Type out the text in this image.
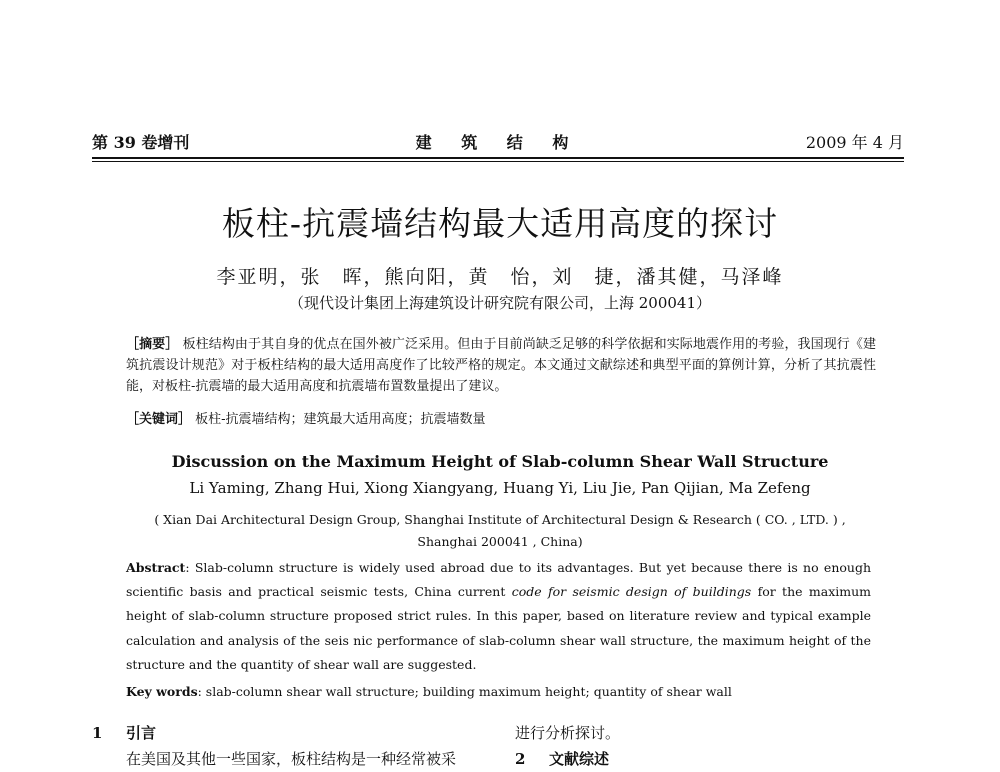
第 39 卷增刊	建 筑 结 构	2009 年 4 月
板柱-抗震墙结构最大适用高度的探讨
李亚明，张　晖，熊向阳，黄　怡，刘　捷，潘其健，马泽峰
（现代设计集团上海建筑设计研究院有限公司，上海 200041）
［摘要］ 板柱结构由于其自身的优点在国外被广泛采用。但由于目前尚缺乏足够的科学依据和实际地震作用的考验，我国现行《建筑抗震设计规范》对于板柱结构的最大适用高度作了比较严格的规定。本文通过文献综述和典型平面的算例计算，分析了其抗震性能，对板柱-抗震墙的最大适用高度和抗震墙布置数量提出了建议。
［关键词］ 板柱-抗震墙结构；建筑最大适用高度；抗震墙数量
Discussion on the Maximum Height of Slab-column Shear Wall Structure
Li Yaming, Zhang Hui, Xiong Xiangyang, Huang Yi, Liu Jie, Pan Qijian, Ma Zefeng
( Xian Dai Architectural Design Group, Shanghai Institute of Architectural Design & Research ( CO. , LTD. ) ,
Shanghai 200041 , China)
Abstract: Slab-column structure is widely used abroad due to its advantages. But yet because there is no enough scientific basis and practical seismic tests, China current code for seismic design of buildings for the maximum height of slab-column structure proposed strict rules. In this paper, based on literature review and typical example calculation and analysis of the seis nic performance of slab-column shear wall structure, the maximum height of the structure and the quantity of shear wall are suggested.
Key words: slab-column shear wall structure; building maximum height; quantity of shear wall
1 引言
在美国及其他一些国家，板柱结构是一种经常被采
进行分析探讨。
2 文献综述
